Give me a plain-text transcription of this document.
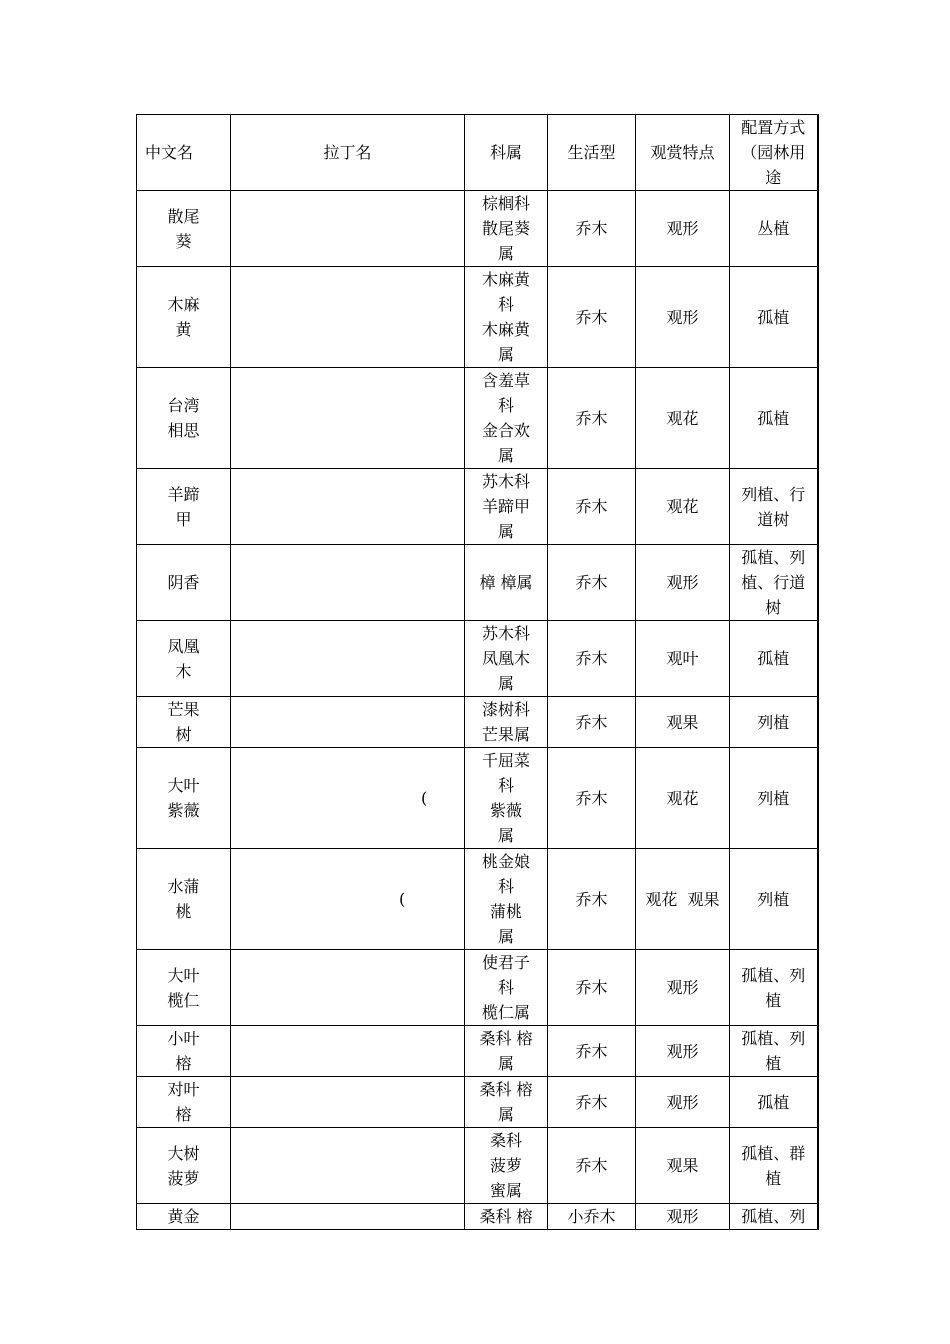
中文名	拉丁名	科属	生活型	观赏特点	配置方式
（园林用
途

散尾
葵		棕榈科
散尾葵
属	乔木	观形	丛植

木麻
黄		木麻黄
科
木麻黄
属	乔木	观形	孤植

台湾
相思		含羞草
科
金合欢
属	乔木	观花	孤植

羊蹄
甲		苏木科
羊蹄甲
属	乔木	观花	列植、行
道树

阴香		樟 樟属	乔木	观形	孤植、列
植、行道
树

凤凰
木		苏木科
凤凰木
属	乔木	观叶	孤植

芒果
树		漆树科
芒果属	乔木	观果	列植

大叶
紫薇	(	千屈菜
科
紫薇
属	乔木	观花	列植

水蒲
桃	(	桃金娘
科
蒲桃
属	乔木	观花  观果	列植

大叶
榄仁		使君子
科
榄仁属	乔木	观形	孤植、列
植

小叶
榕		桑科 榕
属	乔木	观形	孤植、列
植

对叶
榕		桑科 榕
属	乔木	观形	孤植

大树
菠萝		桑科
菠萝
蜜属	乔木	观果	孤植、群
植

黄金		桑科 榕	小乔木	观形	孤植、列
